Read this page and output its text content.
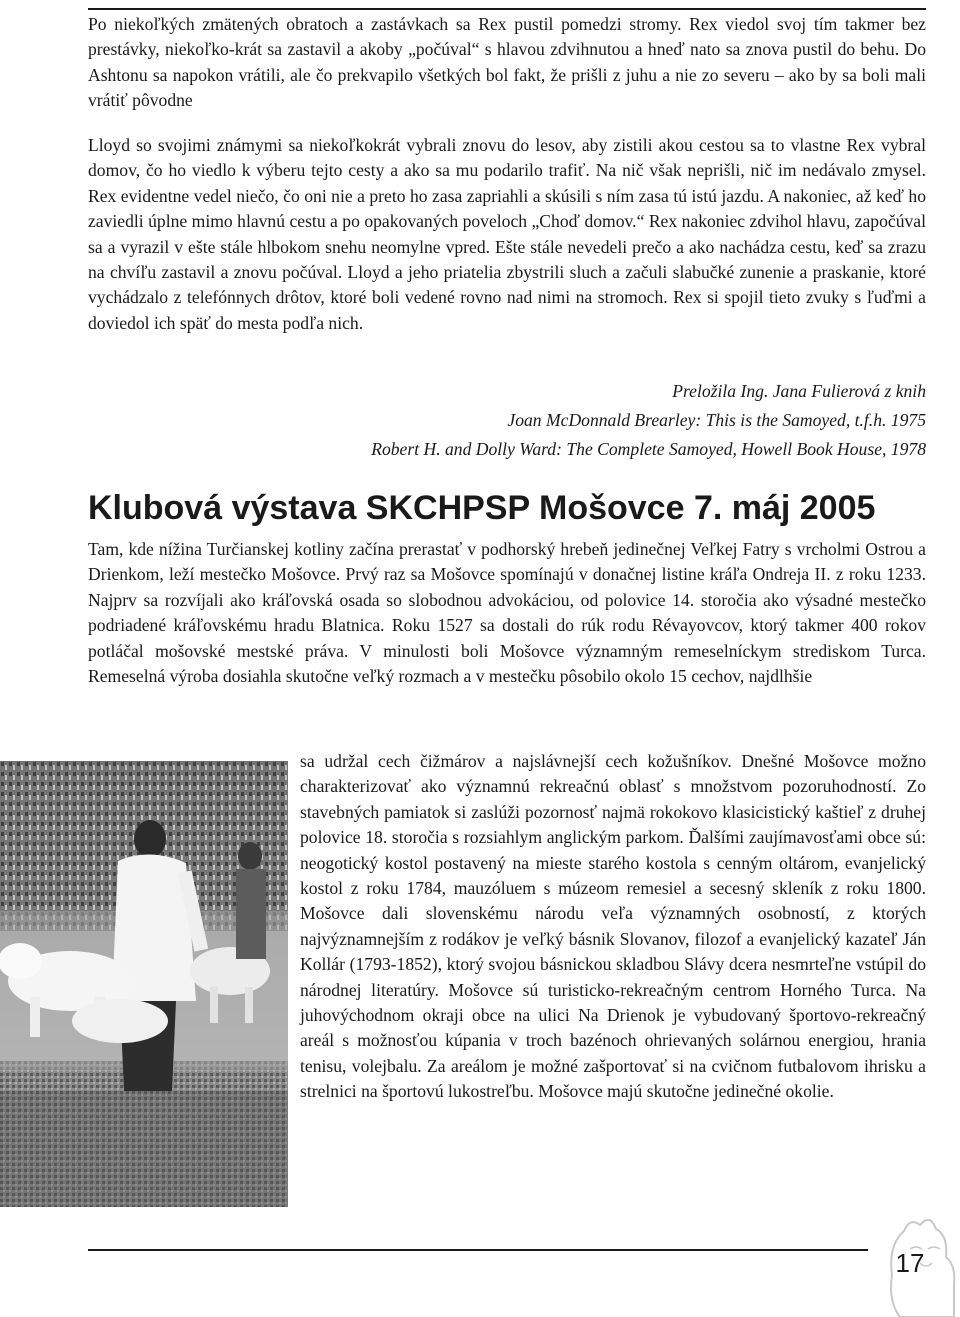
Po niekoľkých zmätených obratoch a zastávkach sa Rex pustil pomedzi stromy. Rex viedol svoj tím takmer bez prestávky, niekoľko-krát sa zastavil a akoby „počúval“ s hlavou zdvihnutou a hneď nato sa znova pustil do behu. Do Ashtonu sa napokon vrátili, ale čo prekvapilo všetkých bol fakt, že prišli z juhu a nie zo severu – ako by sa boli mali vrátiť pôvodne

Lloyd so svojimi známymi sa niekoľkokrát vybrali znovu do lesov, aby zistili akou cestou sa to vlastne Rex vybral domov, čo ho viedlo k výberu tejto cesty a ako sa mu podarilo trafiť. Na nič však neprišli, nič im nedávalo zmysel. Rex evidentne vedel niečo, čo oni nie a preto ho zasa zapriahli a skúsili s ním zasa tú istú jazdu. A nakoniec, až keď ho zaviedli úplne mimo hlavnú cestu a po opakovaných poveloch „Choď domov.“ Rex nakoniec zdvihol hlavu, započúval sa a vyrazil v ešte stále hlbokom snehu neomylne vpred. Ešte stále nevedeli prečo a ako nachádza cestu, keď sa zrazu na chvíľu zastavil a znovu počúval. Lloyd a jeho priatelia zbystrili sluch a začuli slabučké zunenie a praskanie, ktoré vychádzalo z telefónnych drôtov, ktoré boli vedené rovno nad nimi na stromoch. Rex si spojil tieto zvuky s ľuďmi a doviedol ich späť do mesta podľa nich.

Preložila Ing. Jana Fulierová z knih
Joan McDonnald Brearley: This is the Samoyed, t.f.h. 1975
Robert H. and Dolly Ward: The Complete Samoyed, Howell Book House, 1978
Klubová výstava SKCHPSP Mošovce 7. máj 2005

Tam, kde nížina Turčianskej kotliny začína prerastať v podhorský hrebeň jedinečnej Veľkej Fatry s vrcholmi Ostrou a Drienkom, leží mestečko Mošovce. Prvý raz sa Mošovce spomínajú v donačnej listine kráľa Ondreja II. z roku 1233. Najprv sa rozvíjali ako kráľovská osada so slobodnou advokáciou, od polovice 14. storočia ako výsadné mestečko podriadené kráľovskému hradu Blatnica. Roku 1527 sa dostali do rúk rodu Révayovcov, ktorý takmer 400 rokov potláčal mošovské mestské práva. V minulosti boli Mošovce významným remeselníckym strediskom Turca. Remeselná výroba dosiahla skutočne veľký rozmach a v mestečku pôsobilo okolo 15 cechov, najdlhšie

sa udržal cech čižmárov a najslávnejší cech kožušníkov. Dnešné Mošovce možno charakterizovať ako významnú rekreačnú oblasť s množstvom pozoruhodností. Zo stavebných pamiatok si zaslúži pozornosť najmä rokokovo klasicistický kaštieľ z druhej polovice 18. storočia s rozsiahlym anglickým parkom. Ďalšími zaujímavosťami obce sú: neogotický kostol postavený na mieste starého kostola s cenným oltárom, evanjelický kostol z roku 1784, mauzóluem s múzeom remesiel a secesný skleník z roku 1800. Mošovce dali slovenskému národu veľa významných osobností, z ktorých najvýznamnejším z rodákov je veľký básnik Slovanov, filozof a evanjelický kazateľ Ján Kollár (1793-1852), ktorý svojou básnickou skladbou Slávy dcera nesmrteľne vstúpil do národnej literatúry. Mošovce sú turisticko-rekreačným centrom Horného Turca. Na juhovýchodnom okraji obce na ulici Na Drienok je vybudovaný športovo-rekreačný areál s možnosťou kúpania v troch bazénoch ohrievaných solárnou energiou, hrania tenisu, volejbalu. Za areálom je možné zašportovať si na cvičnom futbalovom ihrisku a strelnici na športovú lukostreľbu. Mošovce majú skutočne jedinečné okolie.

17
